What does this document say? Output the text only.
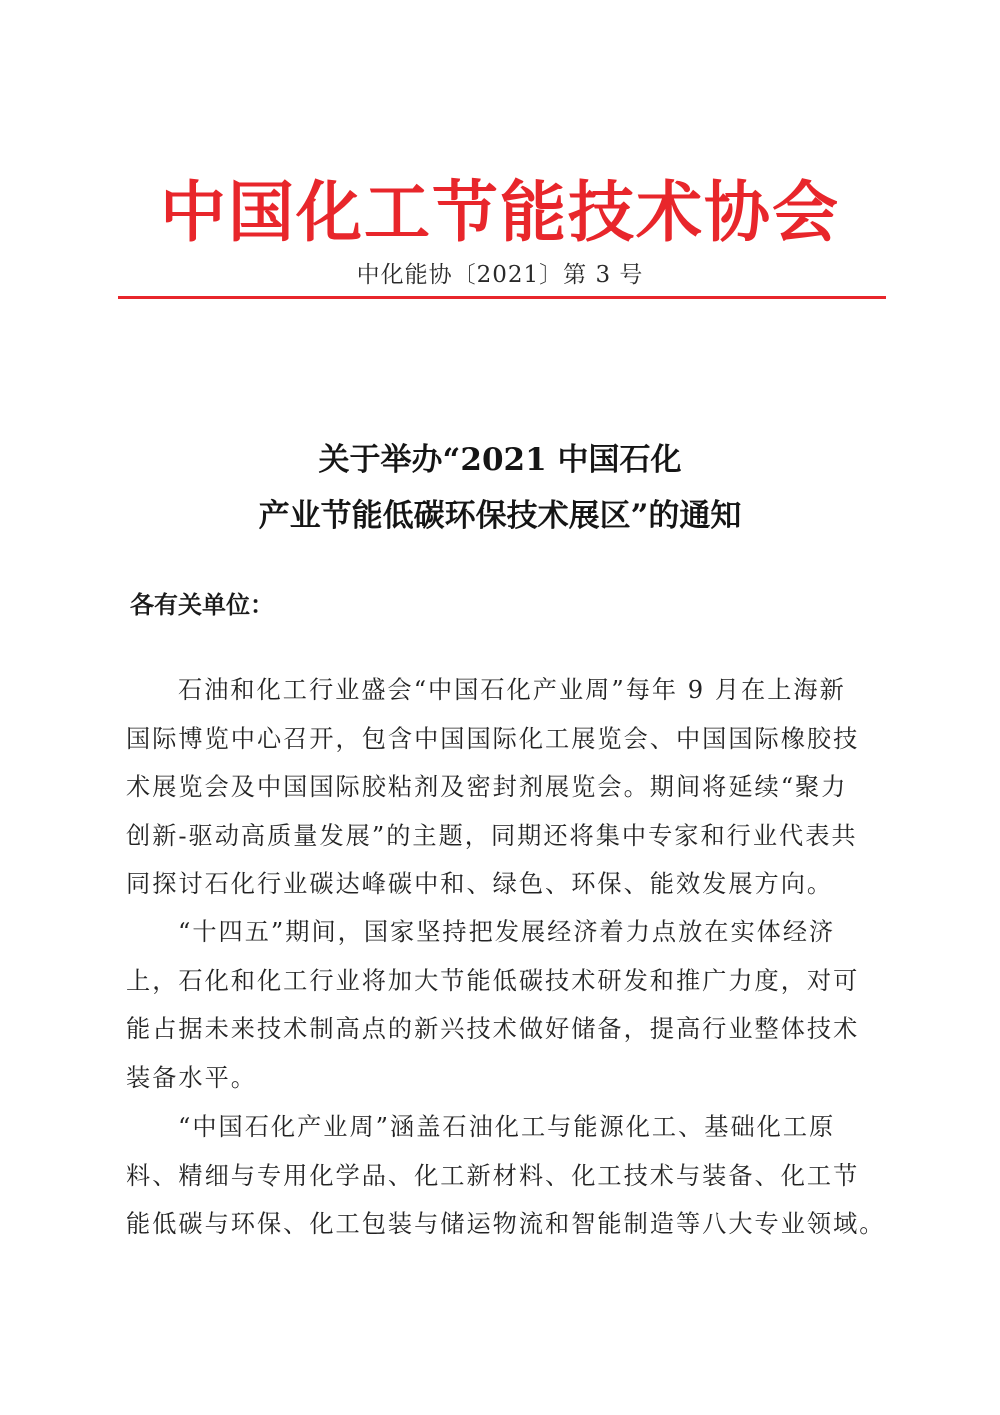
中国化工节能技术协会
中化能协〔2021〕第 3 号
关于举办“2021 中国石化
产业节能低碳环保技术展区”的通知
各有关单位：
石油和化工行业盛会“中国石化产业周”每年 9 月在上海新
国际博览中心召开，包含中国国际化工展览会、中国国际橡胶技
术展览会及中国国际胶粘剂及密封剂展览会。期间将延续“聚力
创新-驱动高质量发展”的主题，同期还将集中专家和行业代表共
同探讨石化行业碳达峰碳中和、绿色、环保、能效发展方向。
“十四五”期间，国家坚持把发展经济着力点放在实体经济
上，石化和化工行业将加大节能低碳技术研发和推广力度，对可
能占据未来技术制高点的新兴技术做好储备，提高行业整体技术
装备水平。
“中国石化产业周”涵盖石油化工与能源化工、基础化工原
料、精细与专用化学品、化工新材料、化工技术与装备、化工节
能低碳与环保、化工包装与储运物流和智能制造等八大专业领域。
